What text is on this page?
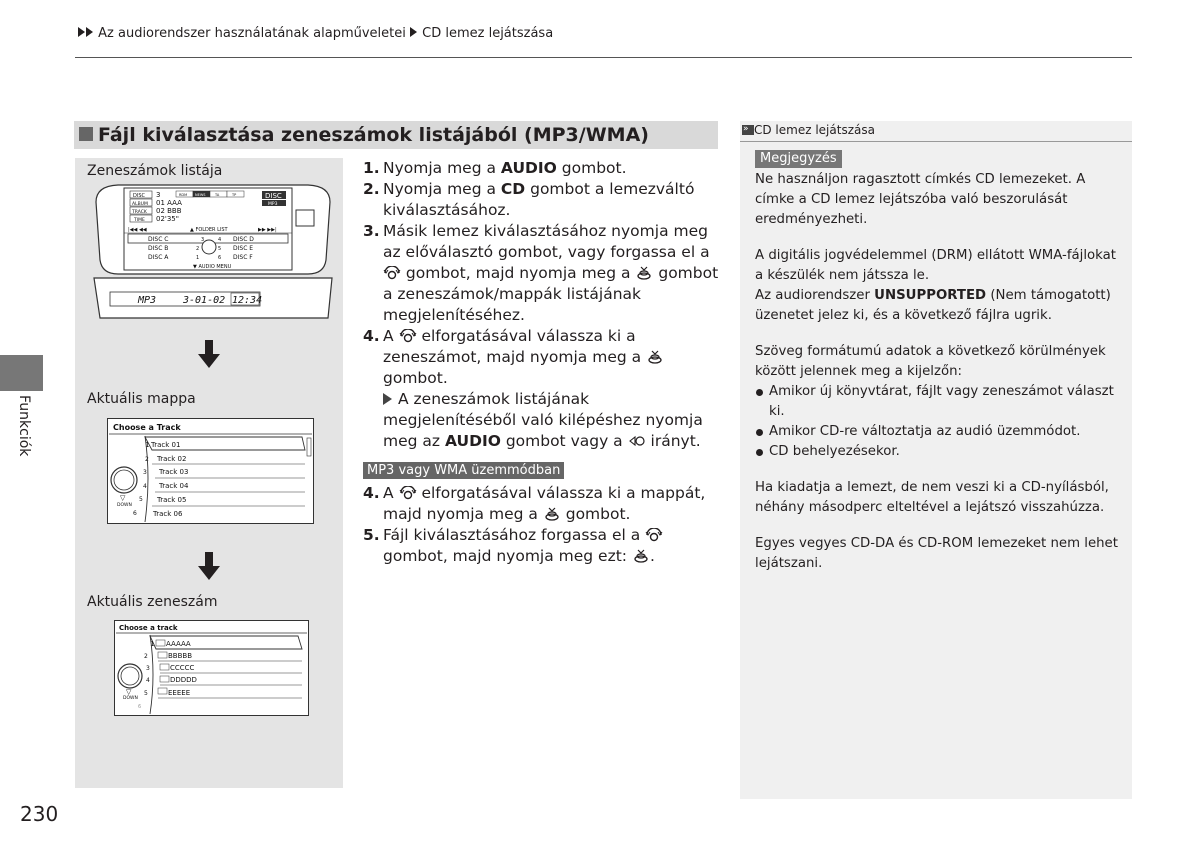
Az audiorendszer használatának alapműveletei CD lemez lejátszása
Fájl kiválasztása zeneszámok listájából (MP3/WMA)
Zeneszámok listája
DISC 3
ALBUM 01 AAA
TRACK 02 BBB
TIME 02'35"
RDM NEWS	TA	TP	DISC
MP3
|◀◀ ◀◀	▶▶ ▶▶|
▲ FOLDER LIST
DISC C	DISC D
DISC B	DISC E
DISC A	DISC F
3	4
2	5
1	6
▼ AUDIO MENU
MP3	3-01-02 12:34
Aktuális mappa
Choose a Track
▽
DOWN
1 Track 01
2 Track 02
3 Track 03
4 Track 04
5 Track 05
6 Track 06
Aktuális zeneszám
Choose a track
▽
DOWN
1 AAAAA
2	BBBBB
3	CCCCC
4	DDDDD
5	EEEEE
6
1. Nyomja meg a AUDIO gombot.
2. Nyomja meg a CD gombot a lemezváltó kiválasztásához.
3. Másik lemez kiválasztásához nyomja meg az előválasztó gombot, vagy forgassa el a  gombot, majd nyomja meg a  gombot a zeneszámok/mappák listájának megjelenítéséhez.
4. A  elforgatásával válassza ki a zeneszámot, majd nyomja meg a  gombot.
A zeneszámok listájának megjelenítéséből való kilépéshez nyomja meg az AUDIO gombot vagy a  irányt.
MP3 vagy WMA üzemmódban
4. A  elforgatásával válassza ki a mappát, majd nyomja meg a  gombot.
5. Fájl kiválasztásához forgassa el a  gombot, majd nyomja meg ezt: .
» CD lemez lejátszása
Megjegyzés

Ne használjon ragasztott címkés CD lemezeket. A címke a CD lemez lejátszóba való beszorulását eredményezheti.

A digitális jogvédelemmel (DRM) ellátott WMA-fájlokat a készülék nem játssza le.

Az audiorendszer UNSUPPORTED (Nem támogatott) üzenetet jelez ki, és a következő fájlra ugrik.

Szöveg formátumú adatok a következő körülmények között jelennek meg a kijelzőn:

Amikor új könyvtárat, fájlt vagy zeneszámot választ ki.
Amikor CD-re változtatja az audió üzemmódot.
CD behelyezésekor.

Ha kiadatja a lemezt, de nem veszi ki a CD-nyílásból, néhány másodperc elteltével a lejátszó visszahúzza.

Egyes vegyes CD-DA és CD-ROM lemezeket nem lehet lejátszani.

Funkciók
230
